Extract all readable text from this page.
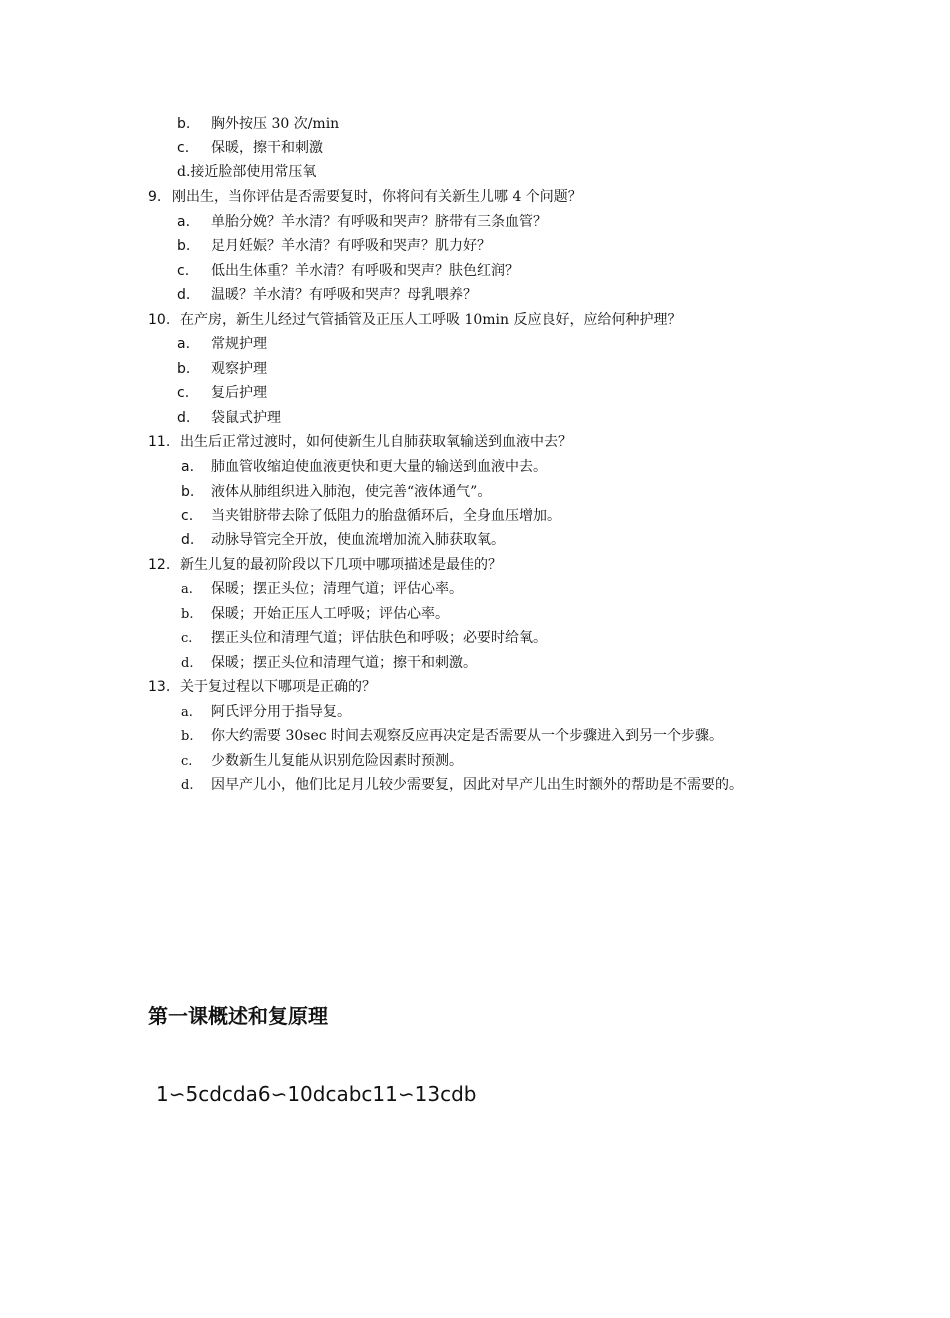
b. 胸外按压 30 次/min
c. 保暖，擦干和刺激
d.接近脸部使用常压氧
9. 刚出生，当你评估是否需要复时，你将问有关新生儿哪 4 个问题？
a. 单胎分娩？羊水清？有呼吸和哭声？脐带有三条血管？
b. 足月妊娠？羊水清？有呼吸和哭声？肌力好？
c. 低出生体重？羊水清？有呼吸和哭声？肤色红润？
d. 温暖？羊水清？有呼吸和哭声？母乳喂养？
10. 在产房，新生儿经过气管插管及正压人工呼吸 10min 反应良好，应给何种护理？
a. 常规护理
b. 观察护理
c. 复后护理
d. 袋鼠式护理
11. 出生后正常过渡时，如何使新生儿自肺获取氧输送到血液中去？
a. 肺血管收缩迫使血液更快和更大量的输送到血液中去。
b. 液体从肺组织进入肺泡，使完善“液体通气”。
c. 当夹钳脐带去除了低阻力的胎盘循环后，全身血压增加。
d. 动脉导管完全开放，使血流增加流入肺获取氧。
12. 新生儿复的最初阶段以下几项中哪项描述是最佳的？
a. 保暖；摆正头位；清理气道；评估心率。
b. 保暖；开始正压人工呼吸；评估心率。
c. 摆正头位和清理气道；评估肤色和呼吸；必要时给氧。
d. 保暖；摆正头位和清理气道；擦干和刺激。
13. 关于复过程以下哪项是正确的？
a. 阿氏评分用于指导复。
b. 你大约需要 30sec 时间去观察反应再决定是否需要从一个步骤进入到另一个步骤。
c. 少数新生儿复能从识别危险因素时预测。
d. 因早产儿小，他们比足月儿较少需要复，因此对早产儿出生时额外的帮助是不需要的。
第一课概述和复原理
1∽5cdcda6∽10dcabc11∽13cdb
